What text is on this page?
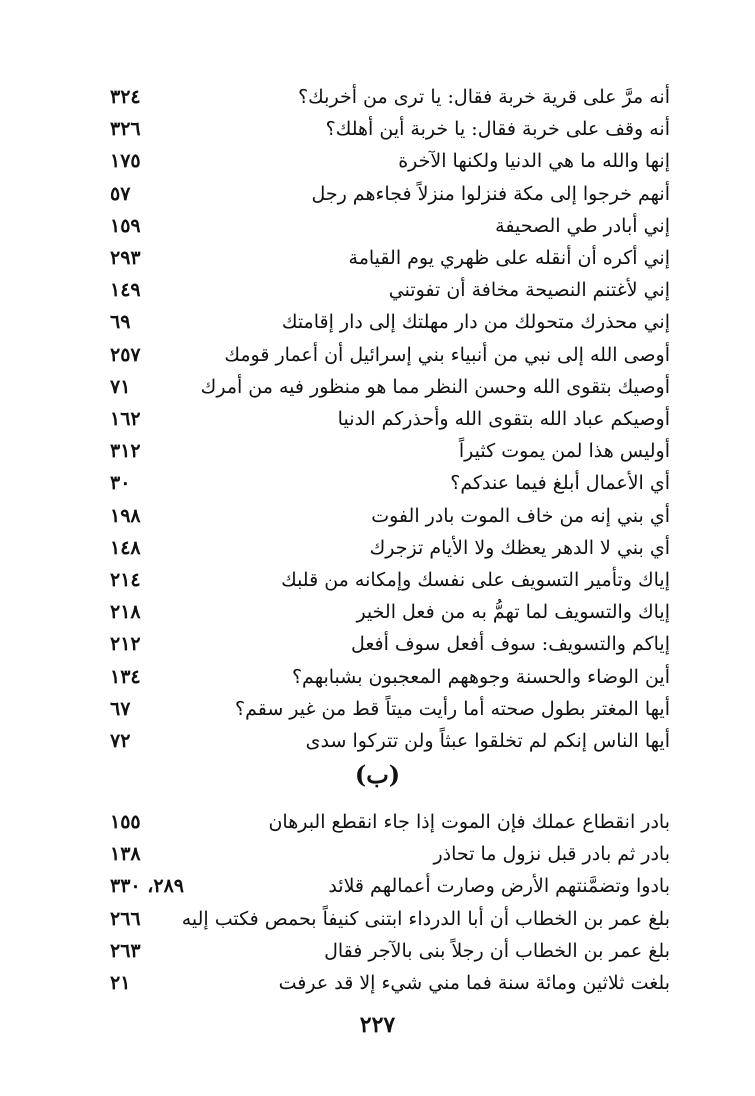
أنه مرَّ على قرية خربة فقال: يا ترى من أخربك؟
٣٢٤
أنه وقف على خربة فقال: يا خربة أين أهلك؟
٣٢٦
إنها والله ما هي الدنيا ولكنها الآخرة
١٧٥
أنهم خرجوا إلى مكة فنزلوا منزلاً فجاءهم رجل
٥٧
إني أبادر طي الصحيفة
١٥٩
إني أكره أن أنقله على ظهري يوم القيامة
٢٩٣
إني لأغتنم النصيحة مخافة أن تفوتني
١٤٩
إني محذرك متحولك من دار مهلتك إلى دار إقامتك
٦٩
أوصى الله إلى نبي من أنبياء بني إسرائيل أن أعمار قومك
٢٥٧
أوصيك بتقوى الله وحسن النظر مما هو منظور فيه من أمرك
٧١
أوصيكم عباد الله بتقوى الله وأحذركم الدنيا
١٦٢
أوليس هذا لمن يموت كثيراً
٣١٢
أي الأعمال أبلغ فيما عندكم؟
٣٠
أي بني إنه من خاف الموت بادر الفوت
١٩٨
أي بني لا الدهر يعظك ولا الأيام تزجرك
١٤٨
إياك وتأمير التسويف على نفسك وإمكانه من قلبك
٢١٤
إياك والتسويف لما تهمُّ به من فعل الخير
٢١٨
إياكم والتسويف: سوف أفعل سوف أفعل
٢١٢
أين الوضاء والحسنة وجوههم المعجبون بشبابهم؟
١٣٤
أيها المغتر بطول صحته أما رأيت ميتاً قط من غير سقم؟
٦٧
أيها الناس إنكم لم تخلقوا عبثاً ولن تتركوا سدى
٧٢
(ب)
بادر انقطاع عملك فإن الموت إذا جاء انقطع البرهان
١٥٥
بادر ثم بادر قبل نزول ما تحاذر
١٣٨
بادوا وتضمَّنتهم الأرض وصارت أعمالهم قلائد
٢٨٩، ٣٣٠
بلغ عمر بن الخطاب أن أبا الدرداء ابتنى كنيفاً بحمص فكتب إليه
٢٦٦
بلغ عمر بن الخطاب أن رجلاً بنى بالآجر فقال
٢٦٣
بلغت ثلاثين ومائة سنة فما مني شيء إلا قد عرفت
٢١
٢٢٧
